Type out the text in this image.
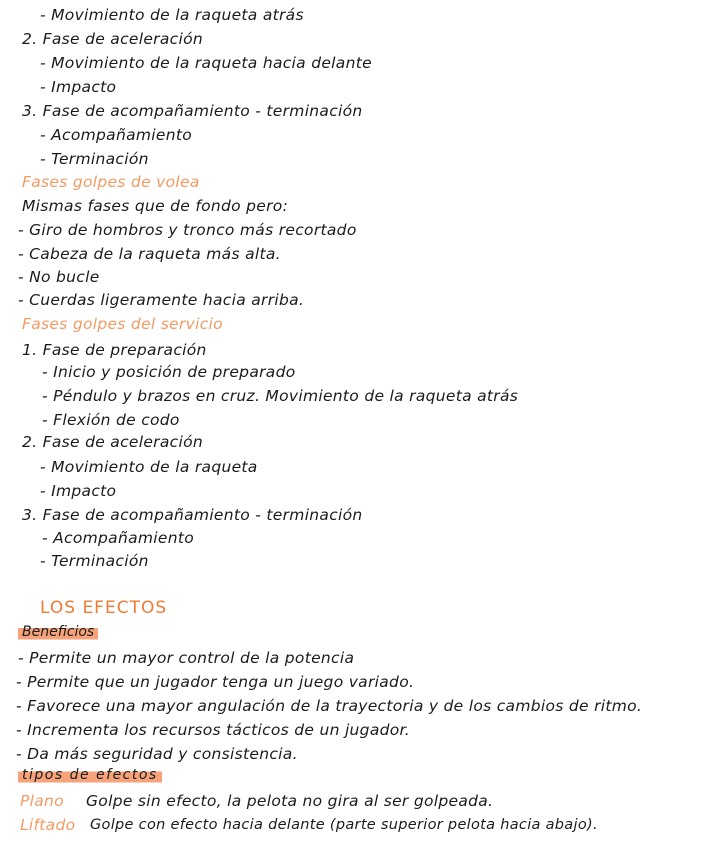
- Movimiento de la raqueta atrás
2. Fase de aceleración
- Movimiento de la raqueta hacia delante
- Impacto
3. Fase de acompañamiento - terminación
- Acompañamiento
- Terminación
Fases golpes de volea
Mismas fases que de fondo pero:
- Giro de hombros y tronco más recortado
- Cabeza de la raqueta más alta.
- No bucle
- Cuerdas ligeramente hacia arriba.
Fases golpes del servicio
1. Fase de preparación
- Inicio y posición de preparado
- Péndulo y brazos en cruz. Movimiento de la raqueta atrás
- Flexión de codo
2. Fase de aceleración
- Movimiento de la raqueta
- Impacto
3. Fase de acompañamiento - terminación
- Acompañamiento
- Terminación
LOS EFECTOS
Beneficios
- Permite un mayor control de la potencia
- Permite que un jugador tenga un juego variado.
- Favorece una mayor angulación de la trayectoria y de los cambios de ritmo.
- Incrementa los recursos tácticos de un jugador.
- Da más seguridad y consistencia.
tipos de efectos
Plano Golpe sin efecto, la pelota no gira al ser golpeada.
Liftado Golpe con efecto hacia delante (parte superior pelota hacia abajo).
